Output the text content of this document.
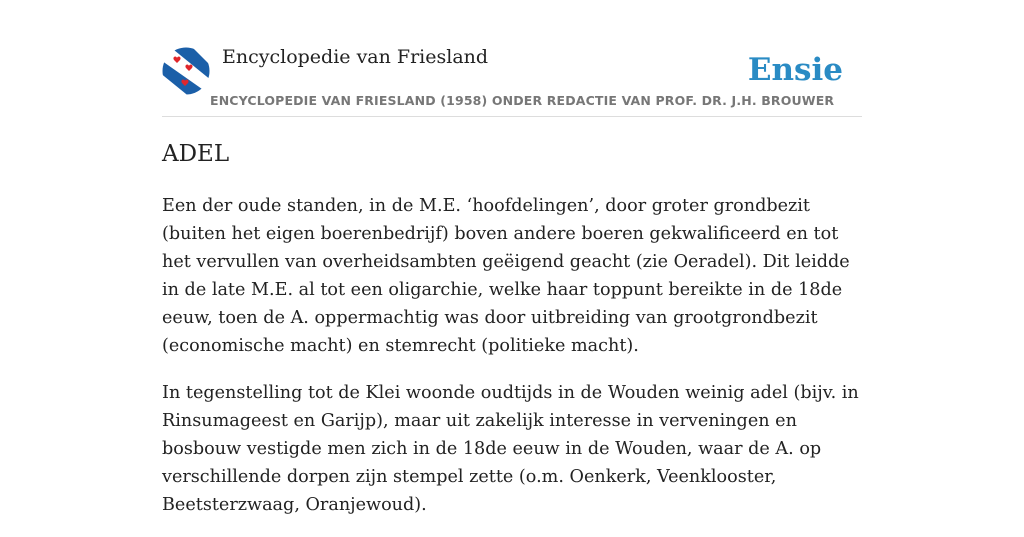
Encyclopedie van Friesland	Ensie
ENCYCLOPEDIE VAN FRIESLAND (1958) ONDER REDACTIE VAN PROF. DR. J.H. BROUWER
ADEL

Een der oude standen, in de M.E. ‘hoofdelingen’, door groter grondbezit (buiten het eigen boerenbedrijf) boven andere boeren gekwalificeerd en tot het vervullen van overheidsambten geëigend geacht (zie Oeradel). Dit leidde in de late M.E. al tot een oligarchie, welke haar toppunt bereikte in de 18de eeuw, toen de A. oppermachtig was door uitbreiding van grootgrondbezit (economische macht) en stemrecht (politieke macht).

In tegenstelling tot de Klei woonde oudtijds in de Wouden weinig adel (bijv. in Rinsumageest en Garijp), maar uit zakelijk interesse in verveningen en bosbouw vestigde men zich in de 18de eeuw in de Wouden, waar de A. op verschillende dorpen zijn stempel zette (o.m. Oenkerk, Veenklooster, Beetsterzwaag, Oranjewoud).
